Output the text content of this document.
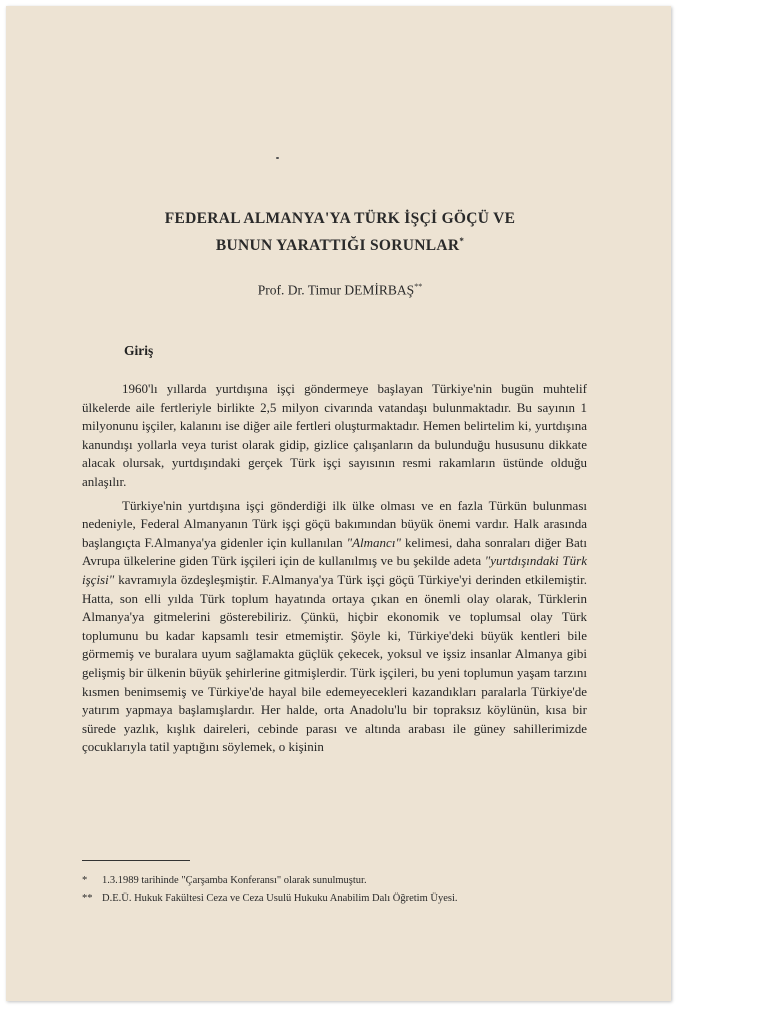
FEDERAL ALMANYA'YA TÜRK İŞÇİ GÖÇÜ VE
BUNUN YARATTIĞI SORUNLAR*
Prof. Dr. Timur DEMİRBAŞ**
Giriş

1960'lı yıllarda yurtdışına işçi göndermeye başlayan Türkiye'nin bugün muhtelif ülkelerde aile fertleriyle birlikte 2,5 milyon civarında vatandaşı bulunmaktadır. Bu sayının 1 milyonunu işçiler, kalanını ise diğer aile fertleri oluşturmaktadır. Hemen belirtelim ki, yurtdışına kanundışı yollarla veya turist olarak gidip, gizlice çalışanların da bulunduğu hususunu dikkate alacak olursak, yurtdışındaki gerçek Türk işçi sayısının resmi rakamların üstünde olduğu anlaşılır.

Türkiye'nin yurtdışına işçi gönderdiği ilk ülke olması ve en fazla Türkün bulunması nedeniyle, Federal Almanyanın Türk işçi göçü bakımından büyük önemi vardır. Halk arasında başlangıçta F.Almanya'ya gidenler için kullanılan "Almancı" kelimesi, daha sonraları diğer Batı Avrupa ülkelerine giden Türk işçileri için de kullanılmış ve bu şekilde adeta "yurtdışındaki Türk işçisi" kavramıyla özdeşleşmiştir. F.Almanya'ya Türk işçi göçü Türkiye'yi derinden etkilemiştir. Hatta, son elli yılda Türk toplum hayatında ortaya çıkan en önemli olay olarak, Türklerin Almanya'ya gitmelerini gösterebiliriz. Çünkü, hiçbir ekonomik ve toplumsal olay Türk toplumunu bu kadar kapsamlı tesir etmemiştir. Şöyle ki, Türkiye'deki büyük kentleri bile görmemiş ve buralara uyum sağlamakta güçlük çekecek, yoksul ve işsiz insanlar Almanya gibi gelişmiş bir ülkenin büyük şehirlerine gitmişlerdir. Türk işçileri, bu yeni toplumun yaşam tarzını kısmen benimsemiş ve Türkiye'de hayal bile edemeyecekleri kazandıkları paralarla Türkiye'de yatırım yapmaya başlamışlardır. Her halde, orta Anadolu'lu bir topraksız köylünün, kısa bir sürede yazlık, kışlık daireleri, cebinde parası ve altında arabası ile güney sahillerimizde çocuklarıyla tatil yaptığını söylemek, o kişinin

*	1.3.1989 tarihinde "Çarşamba Konferansı" olarak sunulmuştur.
** D.E.Ü. Hukuk Fakültesi Ceza ve Ceza Usulü Hukuku Anabilim Dalı Öğretim Üyesi.
